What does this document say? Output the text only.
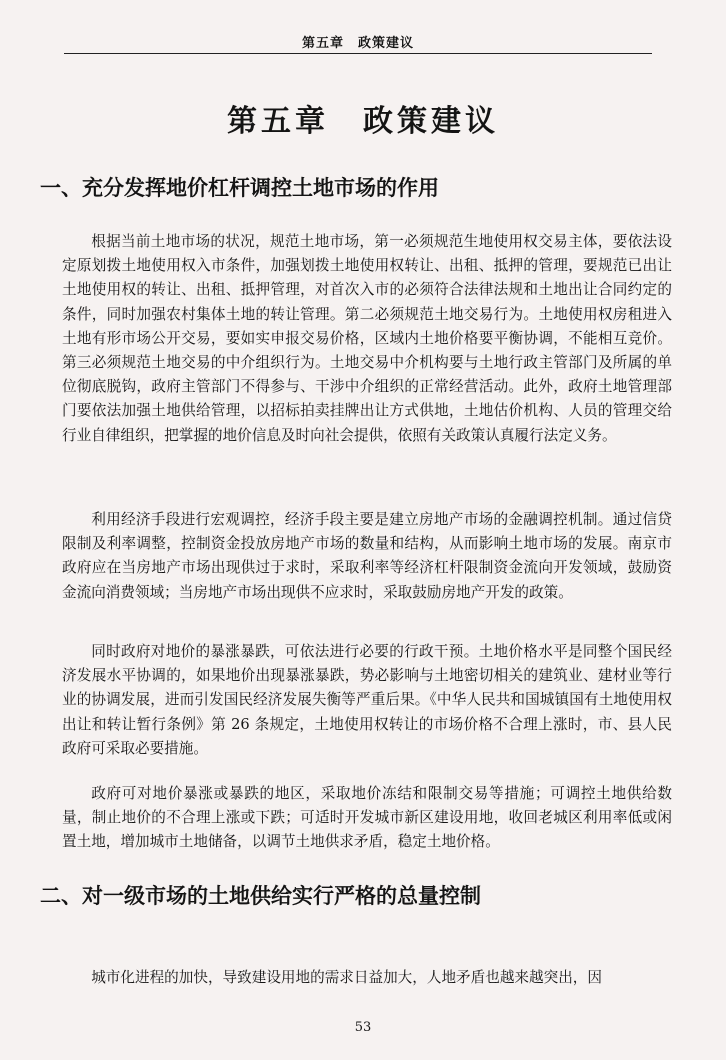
第五章　政策建议
第五章　政策建议
一、充分发挥地价杠杆调控土地市场的作用

根据当前土地市场的状况，规范土地市场，第一必须规范生地使用权交易主体，要依法设定原划拨土地使用权入市条件，加强划拨土地使用权转让、出租、抵押的管理，要规范已出让土地使用权的转让、出租、抵押管理，对首次入市的必须符合法律法规和土地出让合同约定的条件，同时加强农村集体土地的转让管理。第二必须规范土地交易行为。土地使用权房租进入土地有形市场公开交易，要如实申报交易价格，区域内土地价格要平衡协调，不能相互竞价。第三必须规范土地交易的中介组织行为。土地交易中介机构要与土地行政主管部门及所属的单位彻底脱钩，政府主管部门不得参与、干涉中介组织的正常经营活动。此外，政府土地管理部门要依法加强土地供给管理，以招标拍卖挂牌出让方式供地，土地估价机构、人员的管理交给行业自律组织，把掌握的地价信息及时向社会提供，依照有关政策认真履行法定义务。

利用经济手段进行宏观调控，经济手段主要是建立房地产市场的金融调控机制。通过信贷限制及利率调整，控制资金投放房地产市场的数量和结构，从而影响土地市场的发展。南京市政府应在当房地产市场出现供过于求时，采取利率等经济杠杆限制资金流向开发领域，鼓励资金流向消费领域；当房地产市场出现供不应求时，采取鼓励房地产开发的政策。

同时政府对地价的暴涨暴跌，可依法进行必要的行政干预。土地价格水平是同整个国民经济发展水平协调的，如果地价出现暴涨暴跌，势必影响与土地密切相关的建筑业、建材业等行业的协调发展，进而引发国民经济发展失衡等严重后果。《中华人民共和国城镇国有土地使用权出让和转让暂行条例》第 26 条规定，土地使用权转让的市场价格不合理上涨时，市、县人民政府可采取必要措施。

政府可对地价暴涨或暴跌的地区，采取地价冻结和限制交易等措施；可调控土地供给数量，制止地价的不合理上涨或下跌；可适时开发城市新区建设用地，收回老城区利用率低或闲置土地，增加城市土地储备，以调节土地供求矛盾，稳定土地价格。

二、对一级市场的土地供给实行严格的总量控制

城市化进程的加快，导致建设用地的需求日益加大，人地矛盾也越来越突出，因

53
